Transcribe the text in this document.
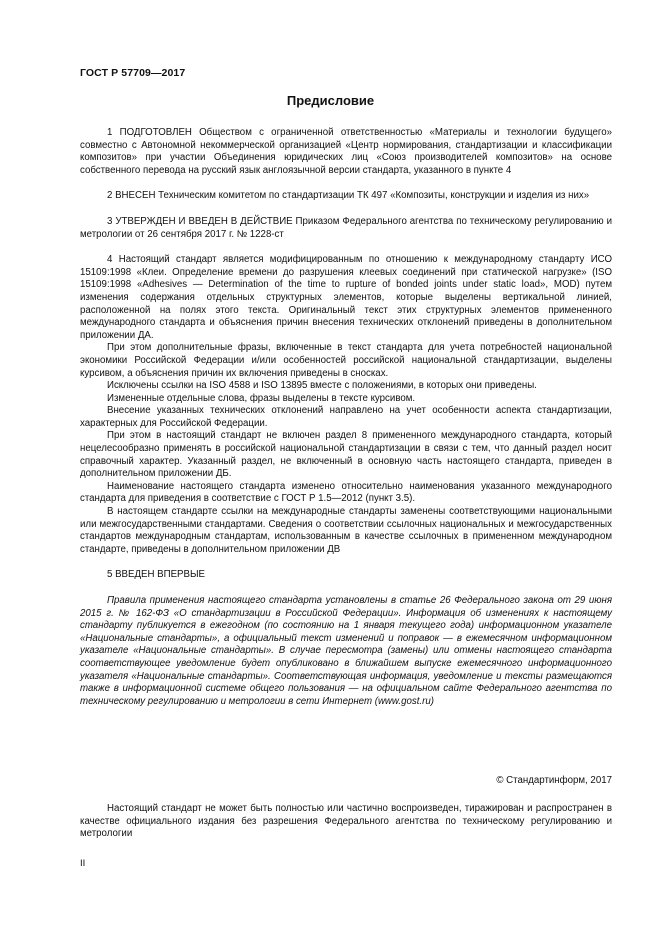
ГОСТ Р 57709—2017
Предисловие

1 ПОДГОТОВЛЕН Обществом с ограниченной ответственностью «Материалы и технологии будущего» совместно с Автономной некоммерческой организацией «Центр нормирования, стандартизации и классификации композитов» при участии Объединения юридических лиц «Союз производителей композитов» на основе собственного перевода на русский язык англоязычной версии стандарта, указанного в пункте 4

2 ВНЕСЕН Техническим комитетом по стандартизации ТК 497 «Композиты, конструкции и изделия из них»

3 УТВЕРЖДЕН И ВВЕДЕН В ДЕЙСТВИЕ Приказом Федерального агентства по техническому регулированию и метрологии от 26 сентября 2017 г. № 1228-ст

4 Настоящий стандарт является модифицированным по отношению к международному стандарту ИСО 15109:1998 «Клеи. Определение времени до разрушения клеевых соединений при статической нагрузке» (ISO 15109:1998 «Adhesives — Determination of the time to rupture of bonded joints under static load», MOD) путем изменения содержания отдельных структурных элементов, которые выделены вертикальной линией, расположенной на полях этого текста. Оригинальный текст этих структурных элементов примененного международного стандарта и объяснения причин внесения технических отклонений приведены в дополнительном приложении ДА.

При этом дополнительные фразы, включенные в текст стандарта для учета потребностей национальной экономики Российской Федерации и/или особенностей российской национальной стандартизации, выделены курсивом, а объяснения причин их включения приведены в сносках.

Исключены ссылки на ISO 4588 и ISO 13895 вместе с положениями, в которых они приведены.

Измененные отдельные слова, фразы выделены в тексте курсивом.

Внесение указанных технических отклонений направлено на учет особенности аспекта стандартизации, характерных для Российской Федерации.

При этом в настоящий стандарт не включен раздел 8 примененного международного стандарта, который нецелесообразно применять в российской национальной стандартизации в связи с тем, что данный раздел носит справочный характер. Указанный раздел, не включенный в основную часть настоящего стандарта, приведен в дополнительном приложении ДБ.

Наименование настоящего стандарта изменено относительно наименования указанного международного стандарта для приведения в соответствие с ГОСТ Р 1.5—2012 (пункт 3.5).

В настоящем стандарте ссылки на международные стандарты заменены соответствующими национальными или межгосударственными стандартами. Сведения о соответствии ссылочных национальных и межгосударственных стандартов международным стандартам, использованным в качестве ссылочных в примененном международном стандарте, приведены в дополнительном приложении ДВ

5 ВВЕДЕН ВПЕРВЫЕ

Правила применения настоящего стандарта установлены в статье 26 Федерального закона от 29 июня 2015 г. № 162-ФЗ «О стандартизации в Российской Федерации». Информация об изменениях к настоящему стандарту публикуется в ежегодном (по состоянию на 1 января текущего года) информационном указателе «Национальные стандарты», а официальный текст изменений и поправок — в ежемесячном информационном указателе «Национальные стандарты». В случае пересмотра (замены) или отмены настоящего стандарта соответствующее уведомление будет опубликовано в ближайшем выпуске ежемесячного информационного указателя «Национальные стандарты». Соответствующая информация, уведомление и тексты размещаются также в информационной системе общего пользования — на официальном сайте Федерального агентства по техническому регулированию и метрологии в сети Интернет (www.gost.ru)

© Стандартинформ, 2017

Настоящий стандарт не может быть полностью или частично воспроизведен, тиражирован и распространен в качестве официального издания без разрешения Федерального агентства по техническому регулированию и метрологии

II
